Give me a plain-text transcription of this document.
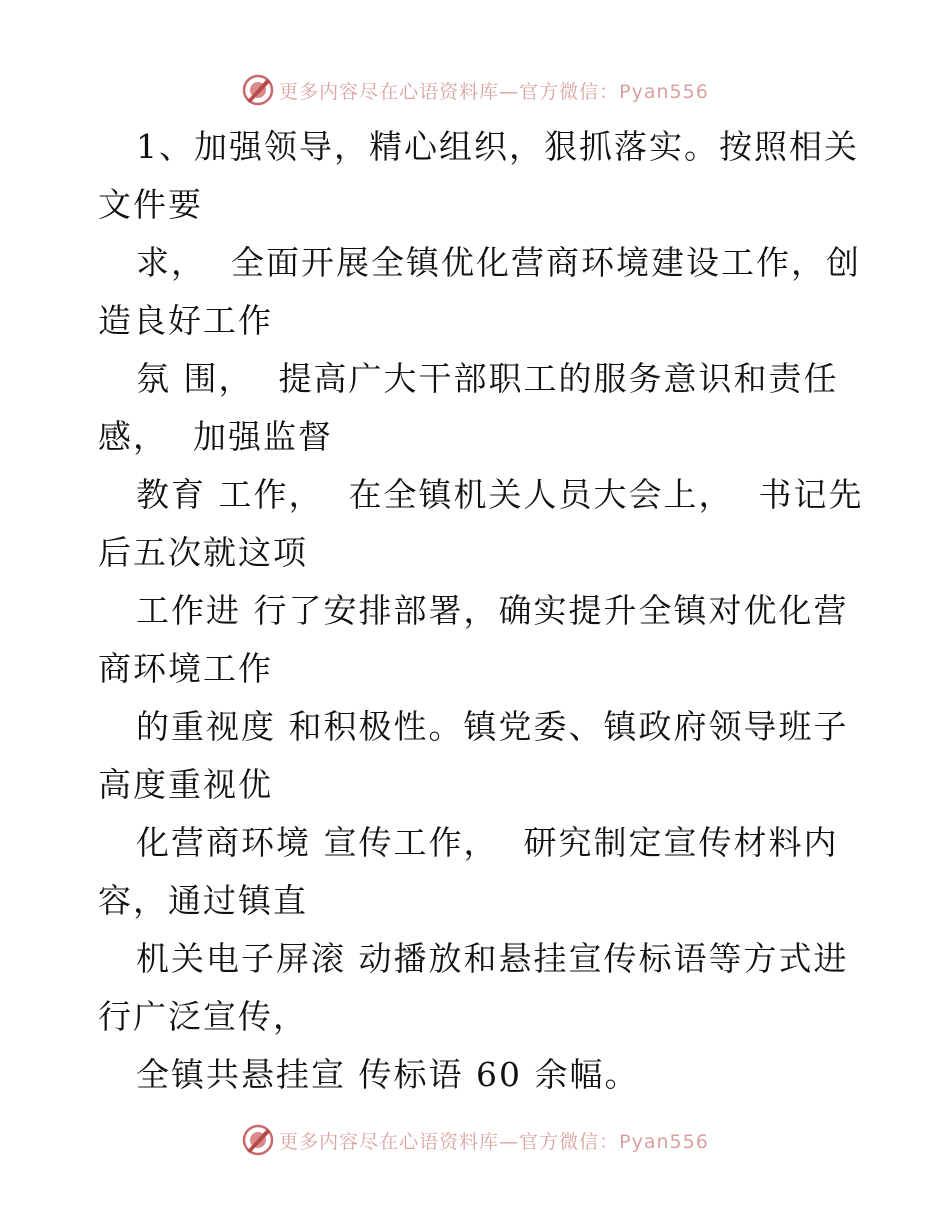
更多内容尽在心语资料库—官方微信：Pyan556
1、加强领导，精心组织，狠抓落实。按照相关
文件要
求，  全面开展全镇优化营商环境建设工作，创
造良好工作
氛 围，  提高广大干部职工的服务意识和责任
感，  加强监督
教育 工作，  在全镇机关人员大会上，  书记先
后五次就这项
工作进 行了安排部署，确实提升全镇对优化营
商环境工作
的重视度 和积极性。镇党委、镇政府领导班子
高度重视优
化营商环境 宣传工作，  研究制定宣传材料内
容，通过镇直
机关电子屏滚 动播放和悬挂宣传标语等方式进
行广泛宣传，
全镇共悬挂宣 传标语 60 余幅。
更多内容尽在心语资料库—官方微信：Pyan556
